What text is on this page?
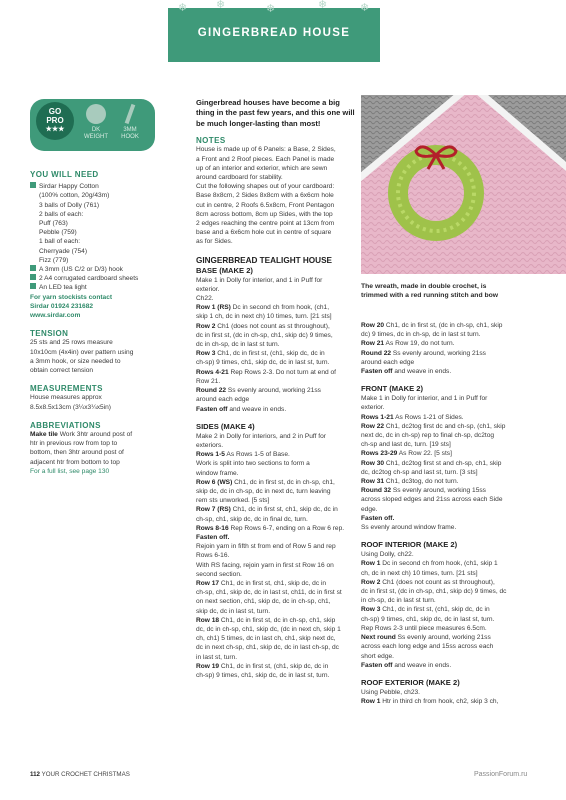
GINGERBREAD HOUSE
❄	❄	❄	❄	❄
GO
PRO
★★★	DK
WEIGHT
3MM
HOOK
YOU WILL NEED
Sirdar Happy Cotton
(100% cotton, 20g/43m)
3 balls of Dolly (761)
2 balls of each:
Puff (763)
Pebble (759)
1 ball of each:
Cherryade (754)
Fizz (779)
A 3mm (US C/2 or D/3) hook
2 A4 corrugated cardboard sheets
An LED tea light
For yarn stockists contact
Sirdar 01924 231682
www.sirdar.com
TENSION
25 sts and 25 rows measure
10x10cm (4x4in) over pattern using
a 3mm hook, or size needed to
obtain correct tension
MEASUREMENTS
House measures approx
8.5x8.5x13cm (3¼x3¼x5in)
ABBREVIATIONS
Make tile Work 3htr around post of
htr in previous row from top to
bottom, then 3htr around post of
adjacent htr from bottom to top
For a full list, see page 130
Gingerbread houses have become a big
thing in the past few years, and this one will
be much longer-lasting than most!
NOTES
House is made up of 6 Panels: a Base, 2 Sides,
a Front and 2 Roof pieces. Each Panel is made
up of an interior and exterior, which are sewn
around cardboard for stability.
Cut the following shapes out of your cardboard:
Base 8x8cm, 2 Sides 8x8cm with a 6x6cm hole
cut in centre, 2 Roofs 6.5x8cm, Front Pentagon
8cm across bottom, 8cm up Sides, with the top
2 edges reaching the centre point at 13cm from
base and a 6x6cm hole cut in centre of square
as for Sides.
GINGERBREAD TEALIGHT HOUSE
BASE (MAKE 2)
Make 1 in Dolly for interior, and 1 in Puff for
exterior.
Ch22.
Row 1 (RS) Dc in second ch from hook, (ch1,
skip 1 ch, dc in next ch) 10 times, turn. [21 sts]
Row 2 Ch1 (does not count as st throughout),
dc in first st, (dc in ch-sp, ch1, skip dc) 9 times,
dc in ch-sp, dc in last st turn.
Row 3 Ch1, dc in first st, (ch1, skip dc, dc in
ch-sp) 9 times, ch1, skip dc, dc in last st, turn.
Rows 4-21 Rep Rows 2-3. Do not turn at end of
Row 21.
Round 22 Ss evenly around, working 21ss
around each edge
Fasten off and weave in ends.
SIDES (MAKE 4)
Make 2 in Dolly for interiors, and 2 in Puff for
exteriors.
Rows 1-5 As Rows 1-5 of Base.
Work is split into two sections to form a
window frame.
Row 6 (WS) Ch1, dc in first st, dc in ch-sp, ch1,
skip dc, dc in ch-sp, dc in next dc, turn leaving
rem sts unworked. [5 sts]
Row 7 (RS) Ch1, dc in first st, ch1, skip dc, dc in
ch-sp, ch1, skip dc, dc in final dc, turn.
Rows 8-16 Rep Rows 6-7, ending on a Row 6 rep.
Fasten off.
Rejoin yarn in fifth st from end of Row 5 and rep
Rows 6-16.
With RS facing, rejoin yarn in first st Row 16 on
second section.
Row 17 Ch1, dc in first st, ch1, skip dc, dc in
ch-sp, ch1, skip dc, dc in last st, ch11, dc in first st
on next section, ch1, skip dc, dc in ch-sp, ch1,
skip dc, dc in last st, turn.
Row 18 Ch1, dc in first st, dc in ch-sp, ch1, skip
dc, dc in ch-sp, ch1, skip dc, (dc in next ch, skip 1
ch, ch1) 5 times, dc in last ch, ch1, skip next dc,
dc in next ch-sp, ch1, skip dc, dc in last ch-sp, dc
in last st, turn.
Row 19 Ch1, dc in first st, (ch1, skip dc, dc in
ch-sp) 9 times, ch1, skip dc, dc in last st, turn.
The wreath, made in double crochet, is
trimmed with a red running stitch and bow
Row 20 Ch1, dc in first st, (dc in ch-sp, ch1, skip
dc) 9 times, dc in ch-sp, dc in last st turn.
Row 21 As Row 19, do not turn.
Round 22 Ss evenly around, working 21ss
around each edge
Fasten off and weave in ends.
FRONT (MAKE 2)
Make 1 in Dolly for interior, and 1 in Puff for
exterior.
Rows 1-21 As Rows 1-21 of Sides.
Row 22 Ch1, dc2tog first dc and ch-sp, (ch1, skip
next dc, dc in ch-sp) rep to final ch-sp, dc2tog
ch-sp and last dc, turn. [19 sts]
Rows 23-29 As Row 22. [5 sts]
Row 30 Ch1, dc2tog first st and ch-sp, ch1, skip
dc, dc2tog ch-sp and last st, turn. [3 sts]
Row 31 Ch1, dc3tog, do not turn.
Round 32 Ss evenly around, working 15ss
across sloped edges and 21ss across each Side
edge.
Fasten off.
Ss evenly around window frame.
ROOF INTERIOR (MAKE 2)
Using Dolly, ch22.
Row 1 Dc in second ch from hook, (ch1, skip 1
ch, dc in next ch) 10 times, turn. [21 sts]
Row 2 Ch1 (does not count as st throughout),
dc in first st, (dc in ch-sp, ch1, skip dc) 9 times, dc
in ch-sp, dc in last st turn.
Row 3 Ch1, dc in first st, (ch1, skip dc, dc in
ch-sp) 9 times, ch1, skip dc, dc in last st, turn.
Rep Rows 2-3 until piece measures 6.5cm.
Next round Ss evenly around, working 21ss
across each long edge and 15ss across each
short edge.
Fasten off and weave in ends.
ROOF EXTERIOR (MAKE 2)
Using Pebble, ch23.
Row 1 Htr in third ch from hook, ch2, skip 3 ch,
112 YOUR CROCHET CHRISTMAS	PassionForum.ru
